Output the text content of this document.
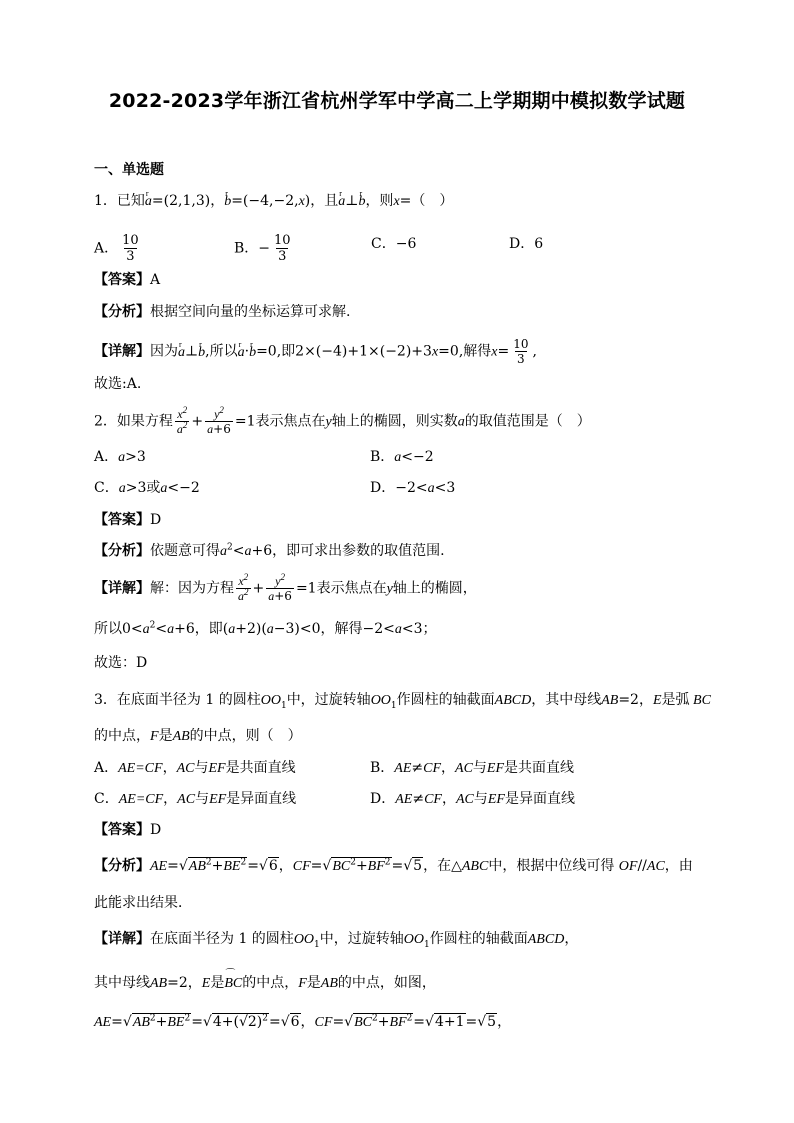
2022-2023学年浙江省杭州学军中学高二上学期期中模拟数学试题
一、单选题
1．已知r a=(2,1,3)，r b=(−4,−2,x)，且r a⊥r b，则x=（　）
A． $\frac{10}{3}$	B．− $\frac{10}{3}$	C．−6	D．6
【答案】A
【分析】根据空间向量的坐标运算可求解.
【详解】因为r a⊥r b,所以r a·r b=0,即2×(−4)+1×(−2)+3x=0,解得$x= \frac{10}{3}$ ,
故选:A.
2．如果方程 $\frac{x^2}{a^2} + \frac{y^2}{a+6} =1$表示焦点在y轴上的椭圆，则实数a的取值范围是（　）
A．a>3	B．a<−2
C．a>3或a<−2	D．−2<a<3
【答案】D
【分析】依题意可得$a^2<a+6$，即可求出参数的取值范围.
【详解】解：因为方程 $\frac{x^2}{a^2} + \frac{y^2}{a+6} =1$表示焦点在y轴上的椭圆，
所以$0<a^2<a+6$，即(a+2)(a−3)<0，解得−2<a<3；
故选：D
3．在底面半径为 1 的圆柱$OO_1$中，过旋转轴$OO_1$作圆柱的轴截面ABCD，其中母线AB=2，E是弧 BC
的中点，F是AB的中点，则（　）
A．AE=CF，AC与EF是共面直线	B．AE≠CF，AC与EF是共面直线
C．AE=CF，AC与EF是异面直线	D．AE≠CF，AC与EF是异面直线
【答案】D
【分析】$AE=√AB^2+BE^2=√6$，$CF=√BC^2+BF^2=√5$，在△ABC中，根据中位线可得 OF//AC，由
此能求出结果．
【详解】在底面半径为 1 的圆柱$OO_1$中，过旋转轴$OO_1$作圆柱的轴截面ABCD，
其中母线AB=2，E是⌒ BC的中点，F是AB的中点，如图，
$AE=√AB^2+BE^2=√4+(√2)^2=√6$，$CF=√BC^2+BF^2=√4+1=√5$，
